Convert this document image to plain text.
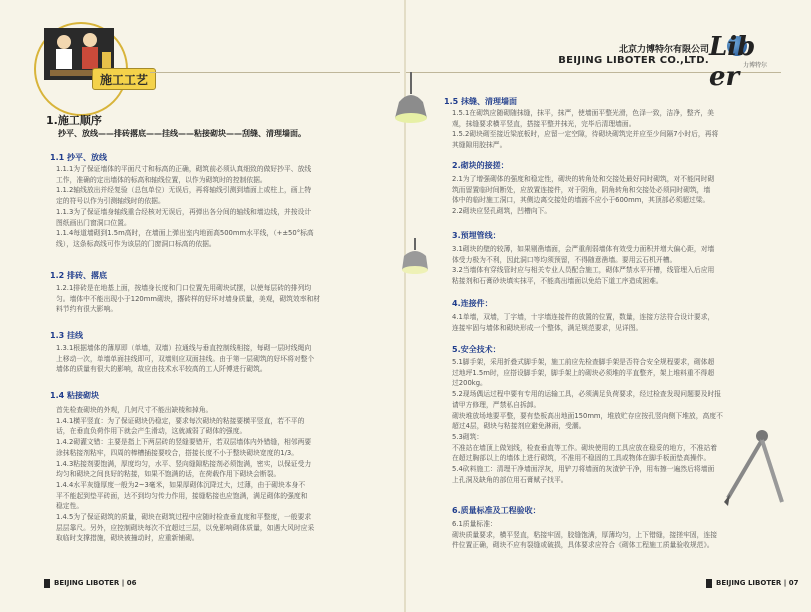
施工工艺
北京力博特尔有限公司
BEIJING LIBOTER CO.,LTD. Lib er 力博特尔
1.施工顺序
抄平、放线——排砖撂底——挂线——粘接砌块——刮缝、清理墙面。
1.1 抄平、放线
1.1.1为了保证墙体的平面尺寸和标高的正确，砌筑前必须认真细致的做好抄平、放线
工作，准确的定出墙体的标高和轴线位置，以作为砌筑时的控制依据。
1.1.2轴线放出并经复验（总包单位）无误后，再将轴线引测到墙面上或柱上，画上特
定的符号以作为引测轴线时的依据。
1.1.3为了保证墙身轴线重合经核对无误后，再弹出各分间的轴线和墙边线，并按设计
图纸画出门窗洞口位置。
1.1.4每道墙砌到1.5m高时，在墙面上弹出室内地面高500mm水平线，（+±50°标高
线），这条标高线可作为该层的门窗洞口标高的依据。
1.2 排砖、撂底
1.2.1排砖是在地基上面，按墙身长度和门口位置先用砌块试摆，以使每层砖的排列均
匀。墙体中不能出现小于120mm砌块，撂砖样的好坏对墙身质量，美观，砌筑效率和材
料节约有很大影响。
1.3 挂线
1.3.1根据墙体的薄厚即（单墙，双墙）拉通线与垂直控制线相接，每砌一层时线绳向
上移动一次，单墙单面挂线即可，双墙则应双面挂线。由于第一层砌筑的好坏将对整个
墙体的质量有很大的影响，故应由技术水平较高的工人阡傅进行砌筑。
1.4 粘接砌块
首先检查砌块的外观，几何尺寸不能出缺棱和掉角。
1.4.1横平竖直：为了保证砌块仍稳定，要求每次砌块的粘接要横平竖直，若不平的
话，在垂直负荷作用下就会产生滑动，这就减弱了砌体的强度。
1.4.2砌灌文错：主要是指上下两层砖的竖缝要错开，若双层墙体内外错缝，相邻两要
涂抹粘接剂粘牢，四周的棒槽插接要咬合，搭接长度不小于整块砌块宽度的1/3。
1.4.3粘接剂要饱满，厚度均匀，水平、竖向缝隙粘接剂必须饱满，密实，以保证受力
均匀和砌块之间良好的粘接，如果不饱满的话，在荷载作用下砌块会断裂。
1.4.4水平灰缝厚度一般为2~3毫米，如果厚砌体沉降过大，过薄，由于砌块本身不
平不能起到垫平砖面，达不到均匀传力作用，接缝粘接也应饱满，满足砌体的强度和
稳定性。
1.4.5为了保证砌筑的质量，砌块在砌筑过程中应随时检查垂直度和平整度，一般要求
层层靠尺。另外，应控制砌块每次不宜超过三层，以免影响砌体质量，如遇大风时应采
取临时支撑措施，砌块被撞动时，应重新铺砌。
BEIJING LIBOTER | 06
1.5 抹缝、清理墙面
1.5.1在砌筑应随砌随抹缝，抹平，抹严，使墙面平整光滑，色泽一致，洁净，整齐，美
观，抹缝要求横平竖直，搭接平整并抹光，完毕后清理墙面。
1.5.2砌块砌至接近梁底板时，应留一定空隙，待砌块砌筑完并应至少间隔7小时后，再将
其缝隙用胶抹严。
2.砌块的接搓：
2.1为了增强砌体的强度和稳定性，砌块的转角处和交接处最好同时砌筑，对不能同时砌
筑而留置临时间断处，应放置连接件，对于阴角，阴角转角和交接处必须同时砌筑，墙
体中的临时施工洞口，其侧边离交接处的墙面不应小于600mm，其顶部必须超过梁。
2.2砌块应竖孔砌筑，凹槽向下。
3.预埋管线：
3.1砌块的壁的较薄，如果剔凿墙面，会严重削弱墙体有效受力面积并增大偏心距，对墙
体受力极为不利，因此洞口等均须预留，不得随意凿墙。要用云石机开槽。
3.2当墙体有穿线管时应与相关专业人员配合施工，砌体严禁水平开槽，线管埋入后应用
粘接剂和石膏砂块填实抹平，不能高出墙面以免给下道工序造成困难。
4.连接件：
4.1单墙，双墙，丁字墙，十字墙连接件的放置的位置，数量，连接方法符合设计要求，
连接牢固与墙体和砌块形成一个整体，满足规范要求，见详图。
5.安全技术：
5.1脚手架，采用折叠式脚手架，施工前应先检查脚手架是否符合安全规程要求，砌体超
过地坪1.5m时，应搭设脚手架，脚手架上的砌块必须堆的平直整齐，架上堆料重不得超
过200kg。
5.2现场偶运过程中要有专用的运输工具，必须满足负荷要求，经过检查发现问题要及时报
请甲方修理，严禁私自拆卸。
砌块堆放场地要平整，要有垫板高出地面150mm，堆放贮存应按孔竖向侧下堆放，高度不
超过4层，砌块与粘接剂应避免淋雨，受潮。
5.3砌筑：
不准站在墙顶上做划线，检查垂直等工作。砌块使用的工具应放在稳妥的地方，不准站着
在超过胸部以上的墙体上进行砌筑，不准用不稳固的工具或物体在脚手板面垫高操作。
5.4砍料施工：清理干净墙面浮灰，用铲刀将墙面的灰渣铲干净，用布擦一遍然后将墙面
上孔洞及缺角的部位用石膏赋子找平。
6.质量标准及工程验收：
6.1质量标准：
砌块质量要求，横平竖直，粘接牢固，胶缝饱满，厚薄均匀，上下错缝，接搓牢固，连接
件位置正确，砌块不应有裂缝或破损，具体要求应符合《砌体工程施工质量验收规范》。
BEIJING LIBOTER | 07
